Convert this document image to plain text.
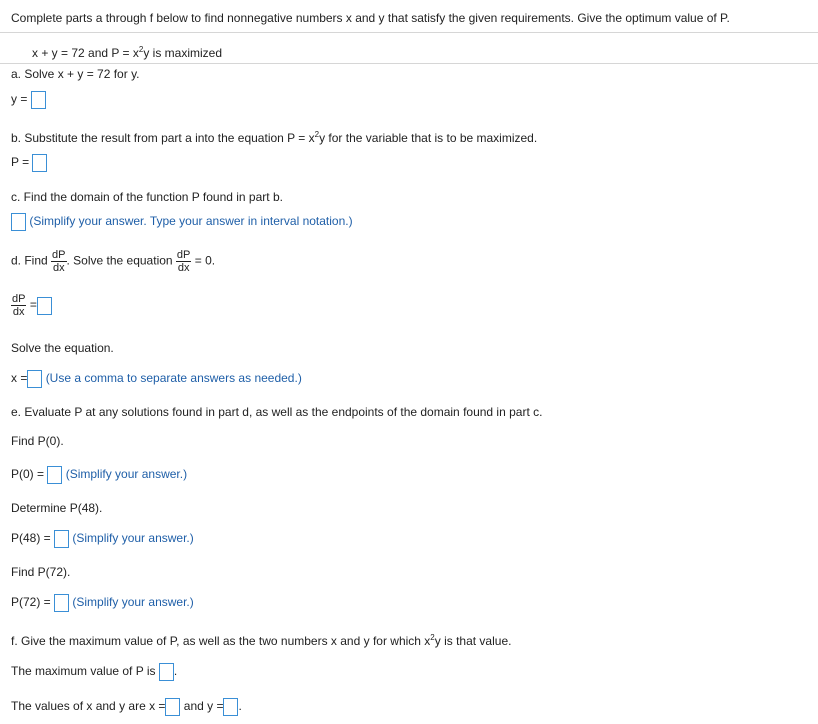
Complete parts a through f below to find nonnegative numbers x and y that satisfy the given requirements. Give the optimum value of P.
x + y = 72 and $P = x^2y$ is maximized
a. Solve x + y = 72 for y.
y =
b. Substitute the result from part a into the equation $P = x^2y$ for the variable that is to be maximized.
P =
c. Find the domain of the function P found in part b.
(Simplify your answer. Type your answer in interval notation.)
d. Find $\frac{dP}{dx}$ . Solve the equation $\frac{dP}{dx} = 0$.
$\frac{dP}{dx}$ =
Solve the equation.
x = (Use a comma to separate answers as needed.)
e. Evaluate P at any solutions found in part d, as well as the endpoints of the domain found in part c.
Find P(0).
P(0) = (Simplify your answer.)
Determine P(48).
P(48) = (Simplify your answer.)
Find P(72).
P(72) = (Simplify your answer.)
f. Give the maximum value of P, as well as the two numbers x and y for which $x^2y$ is that value.
The maximum value of P is .
The values of x and y are x = and y = .
